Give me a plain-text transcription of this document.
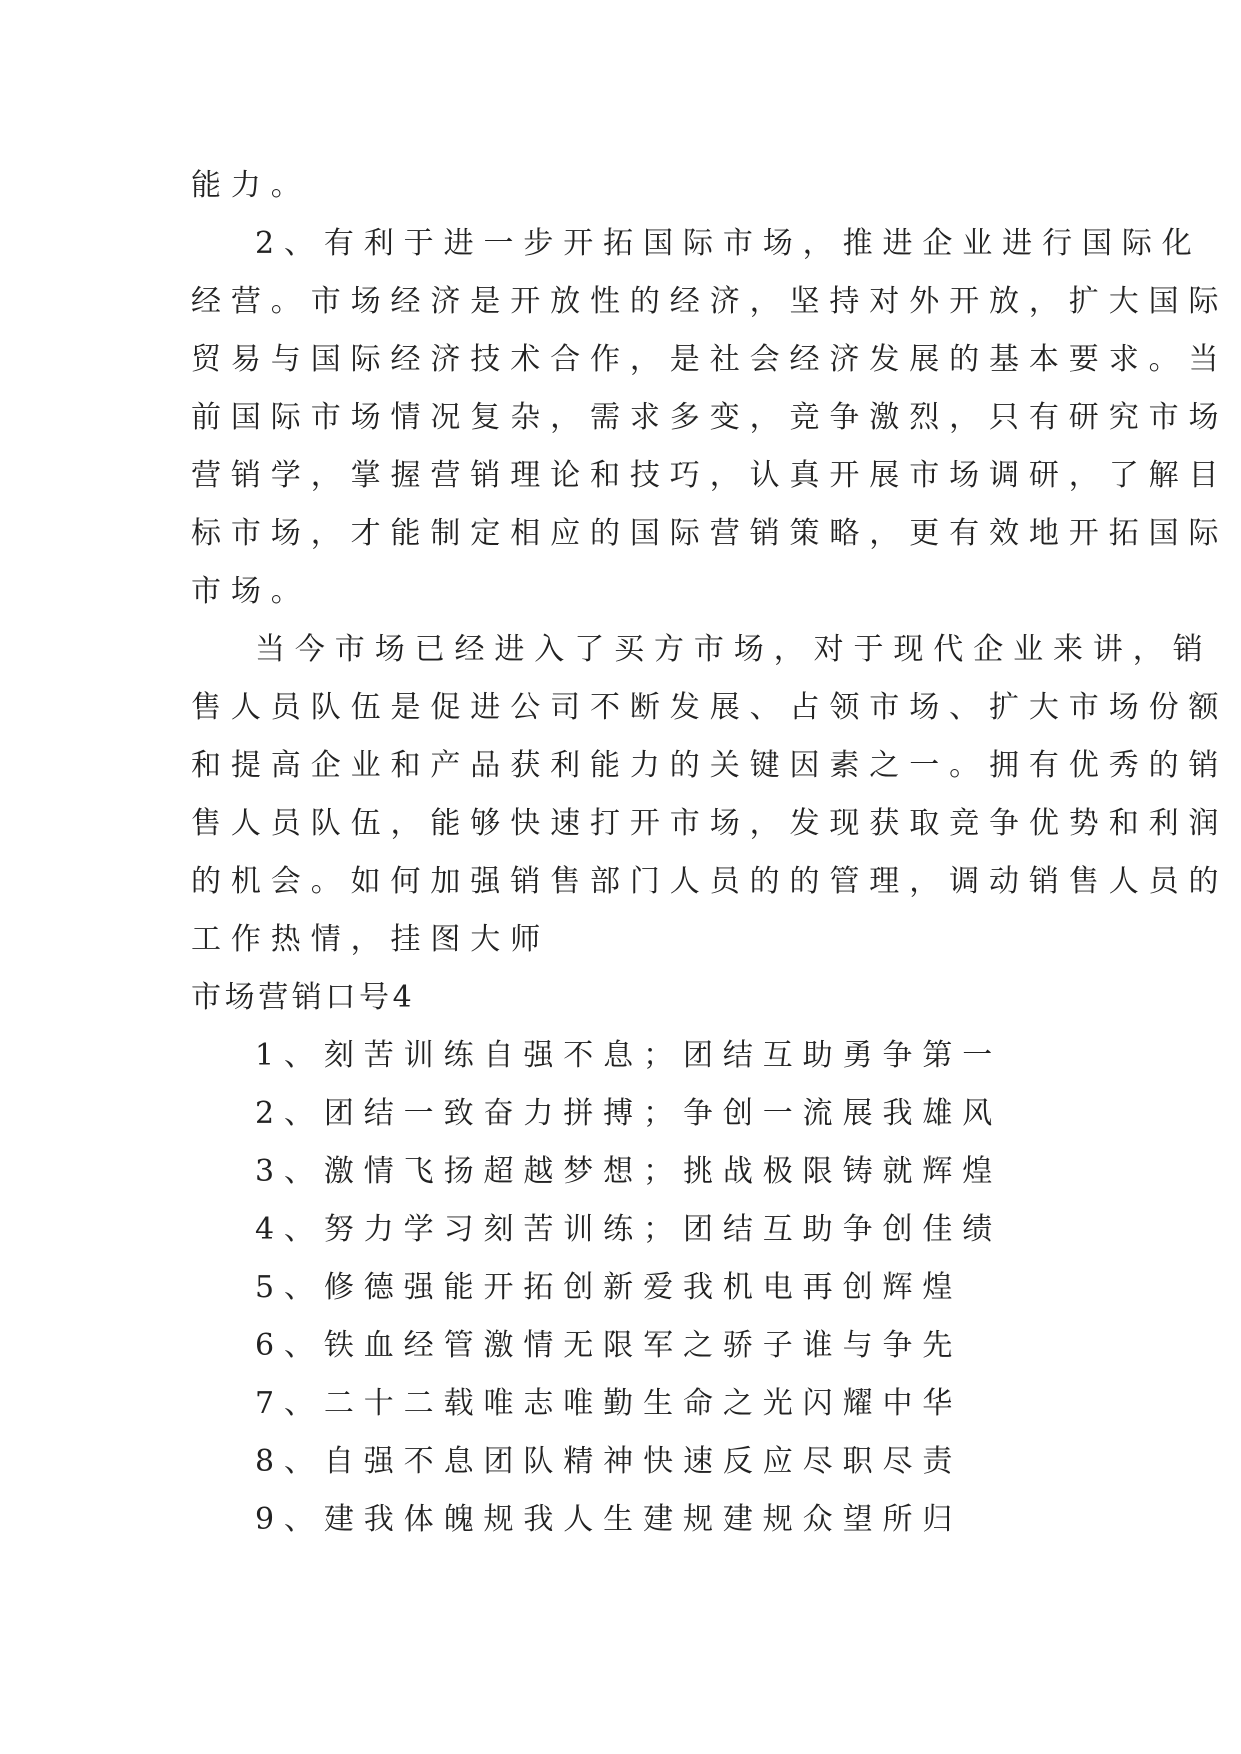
能力。
2、有利于进一步开拓国际市场，推进企业进行国际化
经营。市场经济是开放性的经济，坚持对外开放，扩大国际
贸易与国际经济技术合作，是社会经济发展的基本要求。当
前国际市场情况复杂，需求多变，竞争激烈，只有研究市场
营销学，掌握营销理论和技巧，认真开展市场调研，了解目
标市场，才能制定相应的国际营销策略，更有效地开拓国际
市场。
当今市场已经进入了买方市场，对于现代企业来讲，销
售人员队伍是促进公司不断发展、占领市场、扩大市场份额
和提高企业和产品获利能力的关键因素之一。拥有优秀的销
售人员队伍，能够快速打开市场，发现获取竞争优势和利润
的机会。如何加强销售部门人员的的管理，调动销售人员的
工作热情，挂图大师
市场营销口号4
1、刻苦训练自强不息；团结互助勇争第一
2、团结一致奋力拼搏；争创一流展我雄风
3、激情飞扬超越梦想；挑战极限铸就辉煌
4、努力学习刻苦训练；团结互助争创佳绩
5、修德强能开拓创新爱我机电再创辉煌
6、铁血经管激情无限军之骄子谁与争先
7、二十二载唯志唯勤生命之光闪耀中华
8、自强不息团队精神快速反应尽职尽责
9、建我体魄规我人生建规建规众望所归
